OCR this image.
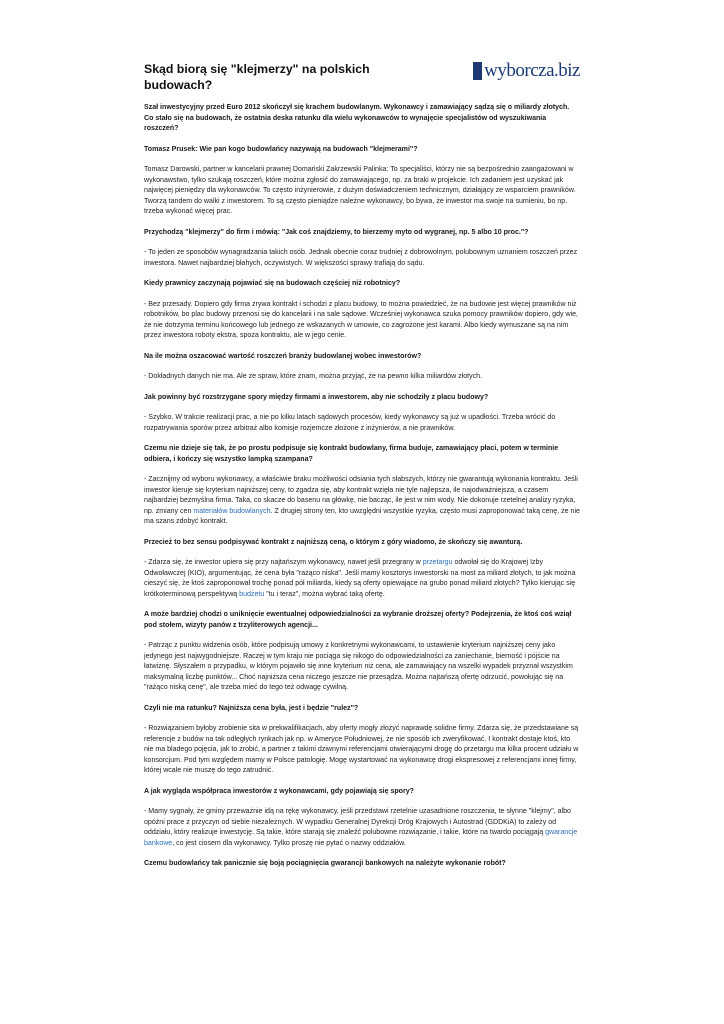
Skąd biorą się "klejmerzy" na polskich budowach?
wyborcza.biz

Szał inwestycyjny przed Euro 2012 skończył się krachem budowlanym. Wykonawcy i zamawiający sądzą się o miliardy złotych. Co stało się na budowach, że ostatnia deska ratunku dla wielu wykonawców to wynajęcie specjalistów od wyszukiwania roszczeń?

Tomasz Prusek: Wie pan kogo budowlańcy nazywają na budowach "klejmerami"?

Tomasz Darowski, partner w kancelarii prawnej Domański Zakrzewski Palinka: To specjaliści, którzy nie są bezpośrednio zaangażowani w wykonawstwo, tylko szukają roszczeń, które można zgłosić do zamawiającego, np. za braki w projekcie. Ich zadaniem jest uzyskać jak najwięcej pieniędzy dla wykonawców. To często inżynierowie, z dużym doświadczeniem technicznym, działający ze wsparciem prawników. Tworzą tandem do walki z inwestorem. To są często pieniądze należne wykonawcy, bo bywa, że inwestor ma swoje na sumieniu, bo np. trzeba wykonać więcej prac.

Przychodzą "klejmerzy" do firm i mówią: "Jak coś znajdziemy, to bierzemy myto od wygranej, np. 5 albo 10 proc."?

- To jeden ze sposobów wynagradzania takich osób. Jednak obecnie coraz trudniej z dobrowolnym, polubownym uznaniem roszczeń przez inwestora. Nawet najbardziej błahych, oczywistych. W większości sprawy trafiają do sądu.

Kiedy prawnicy zaczynają pojawiać się na budowach częściej niż robotnicy?

- Bez przesady. Dopiero gdy firma zrywa kontrakt i schodzi z placu budowy, to można powiedzieć, że na budowie jest więcej prawników niż robotników, bo plac budowy przenosi się do kancelarii i na sale sądowe. Wcześniej wykonawca szuka pomocy prawników dopiero, gdy wie, że nie dotrzyma terminu końcowego lub jednego ze wskazanych w umowie, co zagrożone jest karami. Albo kiedy wymuszane są na nim przez inwestora roboty ekstra, spoza kontraktu, ale w jego cenie.

Na ile można oszacować wartość roszczeń branży budowlanej wobec inwestorów?

- Dokładnych danych nie ma. Ale ze spraw, które znam, można przyjąć, że na pewno kilka miliardów złotych.

Jak powinny być rozstrzygane spory między firmami a inwestorem, aby nie schodziły z placu budowy?

- Szybko. W trakcie realizacji prac, a nie po kilku latach sądowych procesów, kiedy wykonawcy są już w upadłości. Trzeba wrócić do rozpatrywania sporów przez arbitraż albo komisje rozjemcze złożone z inżynierów, a nie prawników.

Czemu nie dzieje się tak, że po prostu podpisuje się kontrakt budowlany, firma buduje, zamawiający płaci, potem w terminie odbiera, i kończy się wszystko lampką szampana?

- Zacznijmy od wyboru wykonawcy, a właściwie braku możliwości odsiania tych słabszych, którzy nie gwarantują wykonania kontraktu. Jeśli inwestor kieruje się kryterium najniższej ceny, to zgadza się, aby kontrakt wzięła nie tyle najlepsza, ile najodważniejsza, a czasem najbardziej bezmyślna firma. Taka, co skacze do basenu na główkę, nie bacząc, ile jest w nim wody. Nie dokonuje rzetelnej analizy ryzyka, np. zmiany cen materiałów budowlanych. Z drugiej strony ten, kto uwzględni wszystkie ryzyka, często musi zaproponować taką cenę, że nie ma szans zdobyć kontrakt.

Przecież to bez sensu podpisywać kontrakt z najniższą ceną, o którym z góry wiadomo, że skończy się awanturą.

- Zdarza się, że inwestor upiera się przy najtańszym wykonawcy, nawet jeśli przegrany w przetargu odwołał się do Krajowej Izby Odwoławczej (KIO), argumentując, że cena była "rażąco niska". Jeśli mamy kosztorys inwestorski na most za miliard złotych, to jak można cieszyć się, że ktoś zaproponował trochę ponad pół miliarda, kiedy są oferty opiewające na grubo ponad miliard złotych? Tylko kierując się krótkoterminową perspektywą budżetu "tu i teraz", można wybrać taką ofertę.

A może bardziej chodzi o uniknięcie ewentualnej odpowiedzialności za wybranie droższej oferty? Podejrzenia, że ktoś coś wziął pod stołem, wizyty panów z trzyliterowych agencji...

- Patrząc z punktu widzenia osób, które podpisują umowy z konkretnymi wykonawcami, to ustawienie kryterium najniższej ceny jako jedynego jest najwygodniejsze. Raczej w tym kraju nie pociąga się nikogo do odpowiedzialności za zaniechanie, bierność i pójście na łatwiznę. Słyszałem o przypadku, w którym pojawiło się inne kryterium niż cena, ale zamawiający na wszelki wypadek przyznał wszystkim maksymalną liczbę punktów... Choć najniższa cena niczego jeszcze nie przesądza. Można najtańszą ofertę odrzucić, powołując się na "rażąco niską cenę", ale trzeba mieć do tego też odwagę cywilną.

Czyli nie ma ratunku? Najniższa cena była, jest i będzie "rulez"?

- Rozwiązaniem byłoby zrobienie sita w prekwalifikacjach, aby oferty mogły złożyć naprawdę solidne firmy. Zdarza się, że przedstawiane są referencje z budów na tak odległych rynkach jak np. w Ameryce Południowej, że nie sposób ich zweryfikować. I kontrakt dostaje ktoś, kto nie ma bladego pojęcia, jak to zrobić, a partner z takimi dziwnymi referencjami otwierającymi drogę do przetargu ma kilka procent udziału w konsorcjum. Pod tym względem mamy w Polsce patologię. Mogę wystartować na wykonawcę drogi ekspresowej z referencjami innej firmy, której wcale nie muszę do tego zatrudnić.

A jak wygląda współpraca inwestorów z wykonawcami, gdy pojawiają się spory?

- Mamy sygnały, że gminy przeważnie idą na rękę wykonawcy, jeśli przedstawi rzetelnie uzasadnione roszczenia, te słynne "klejmy", albo opóźni prace z przyczyn od siebie niezależnych. W wypadku Generalnej Dyrekcji Dróg Krajowych i Autostrad (GDDKiA) to zależy od oddziału, który realizuje inwestycję. Są takie, które starają się znaleźć polubowne rozwiązanie, i takie, które na twardo pociągają gwarancje bankowe, co jest ciosem dla wykonawcy. Tylko proszę nie pytać o nazwy oddziałów.

Czemu budowlańcy tak panicznie się boją pociągnięcia gwarancji bankowych na należyte wykonanie robót?
